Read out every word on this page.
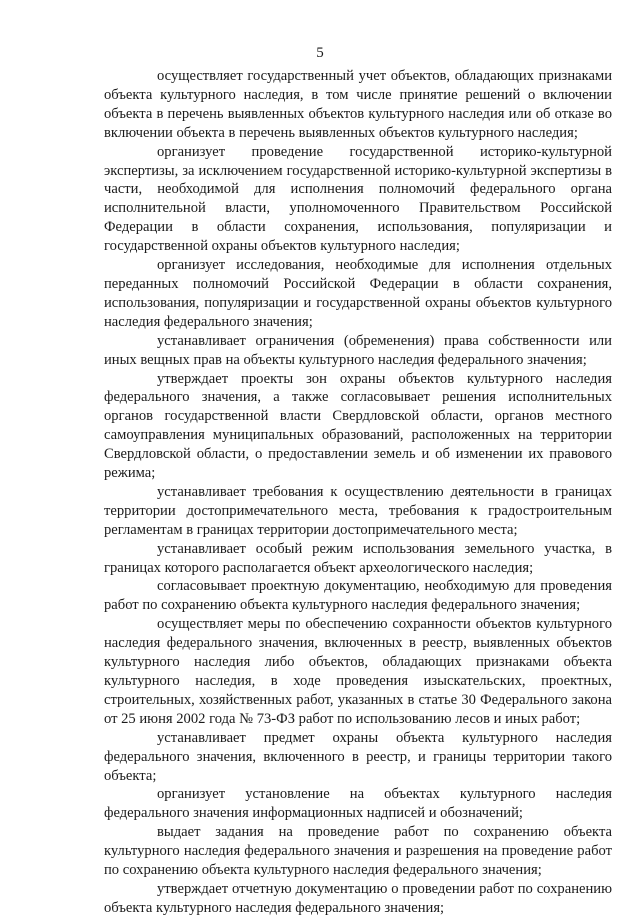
5

осуществляет государственный учет объектов, обладающих признаками объекта культурного наследия, в том числе принятие решений о включении объекта в перечень выявленных объектов культурного наследия или об отказе во включении объекта в перечень выявленных объектов культурного наследия;

организует проведение государственной историко-культурной экспертизы, за исключением государственной историко-культурной экспертизы в части, необходимой для исполнения полномочий федерального органа исполнительной власти, уполномоченного Правительством Российской Федерации в области сохранения, использования, популяризации и государственной охраны объектов культурного наследия;

организует исследования, необходимые для исполнения отдельных переданных полномочий Российской Федерации в области сохранения, использования, популяризации и государственной охраны объектов культурного наследия федерального значения;

устанавливает ограничения (обременения) права собственности или иных вещных прав на объекты культурного наследия федерального значения;

утверждает проекты зон охраны объектов культурного наследия федерального значения, а также согласовывает решения исполнительных органов государственной власти Свердловской области, органов местного самоуправления муниципальных образований, расположенных на территории Свердловской области, о предоставлении земель и об изменении их правового режима;

устанавливает требования к осуществлению деятельности в границах территории достопримечательного места, требования к градостроительным регламентам в границах территории достопримечательного места;

устанавливает особый режим использования земельного участка, в границах которого располагается объект археологического наследия;

согласовывает проектную документацию, необходимую для проведения работ по сохранению объекта культурного наследия федерального значения;

осуществляет меры по обеспечению сохранности объектов культурного наследия федерального значения, включенных в реестр, выявленных объектов культурного наследия либо объектов, обладающих признаками объекта культурного наследия, в ходе проведения изыскательских, проектных, строительных, хозяйственных работ, указанных в статье 30 Федерального закона от 25 июня 2002 года № 73-ФЗ работ по использованию лесов и иных работ;

устанавливает предмет охраны объекта культурного наследия федерального значения, включенного в реестр, и границы территории такого объекта;

организует установление на объектах культурного наследия федерального значения информационных надписей и обозначений;

выдает задания на проведение работ по сохранению объекта культурного наследия федерального значения и разрешения на проведение работ по сохранению объекта культурного наследия федерального значения;

утверждает отчетную документацию о проведении работ по сохранению объекта культурного наследия федерального значения;
